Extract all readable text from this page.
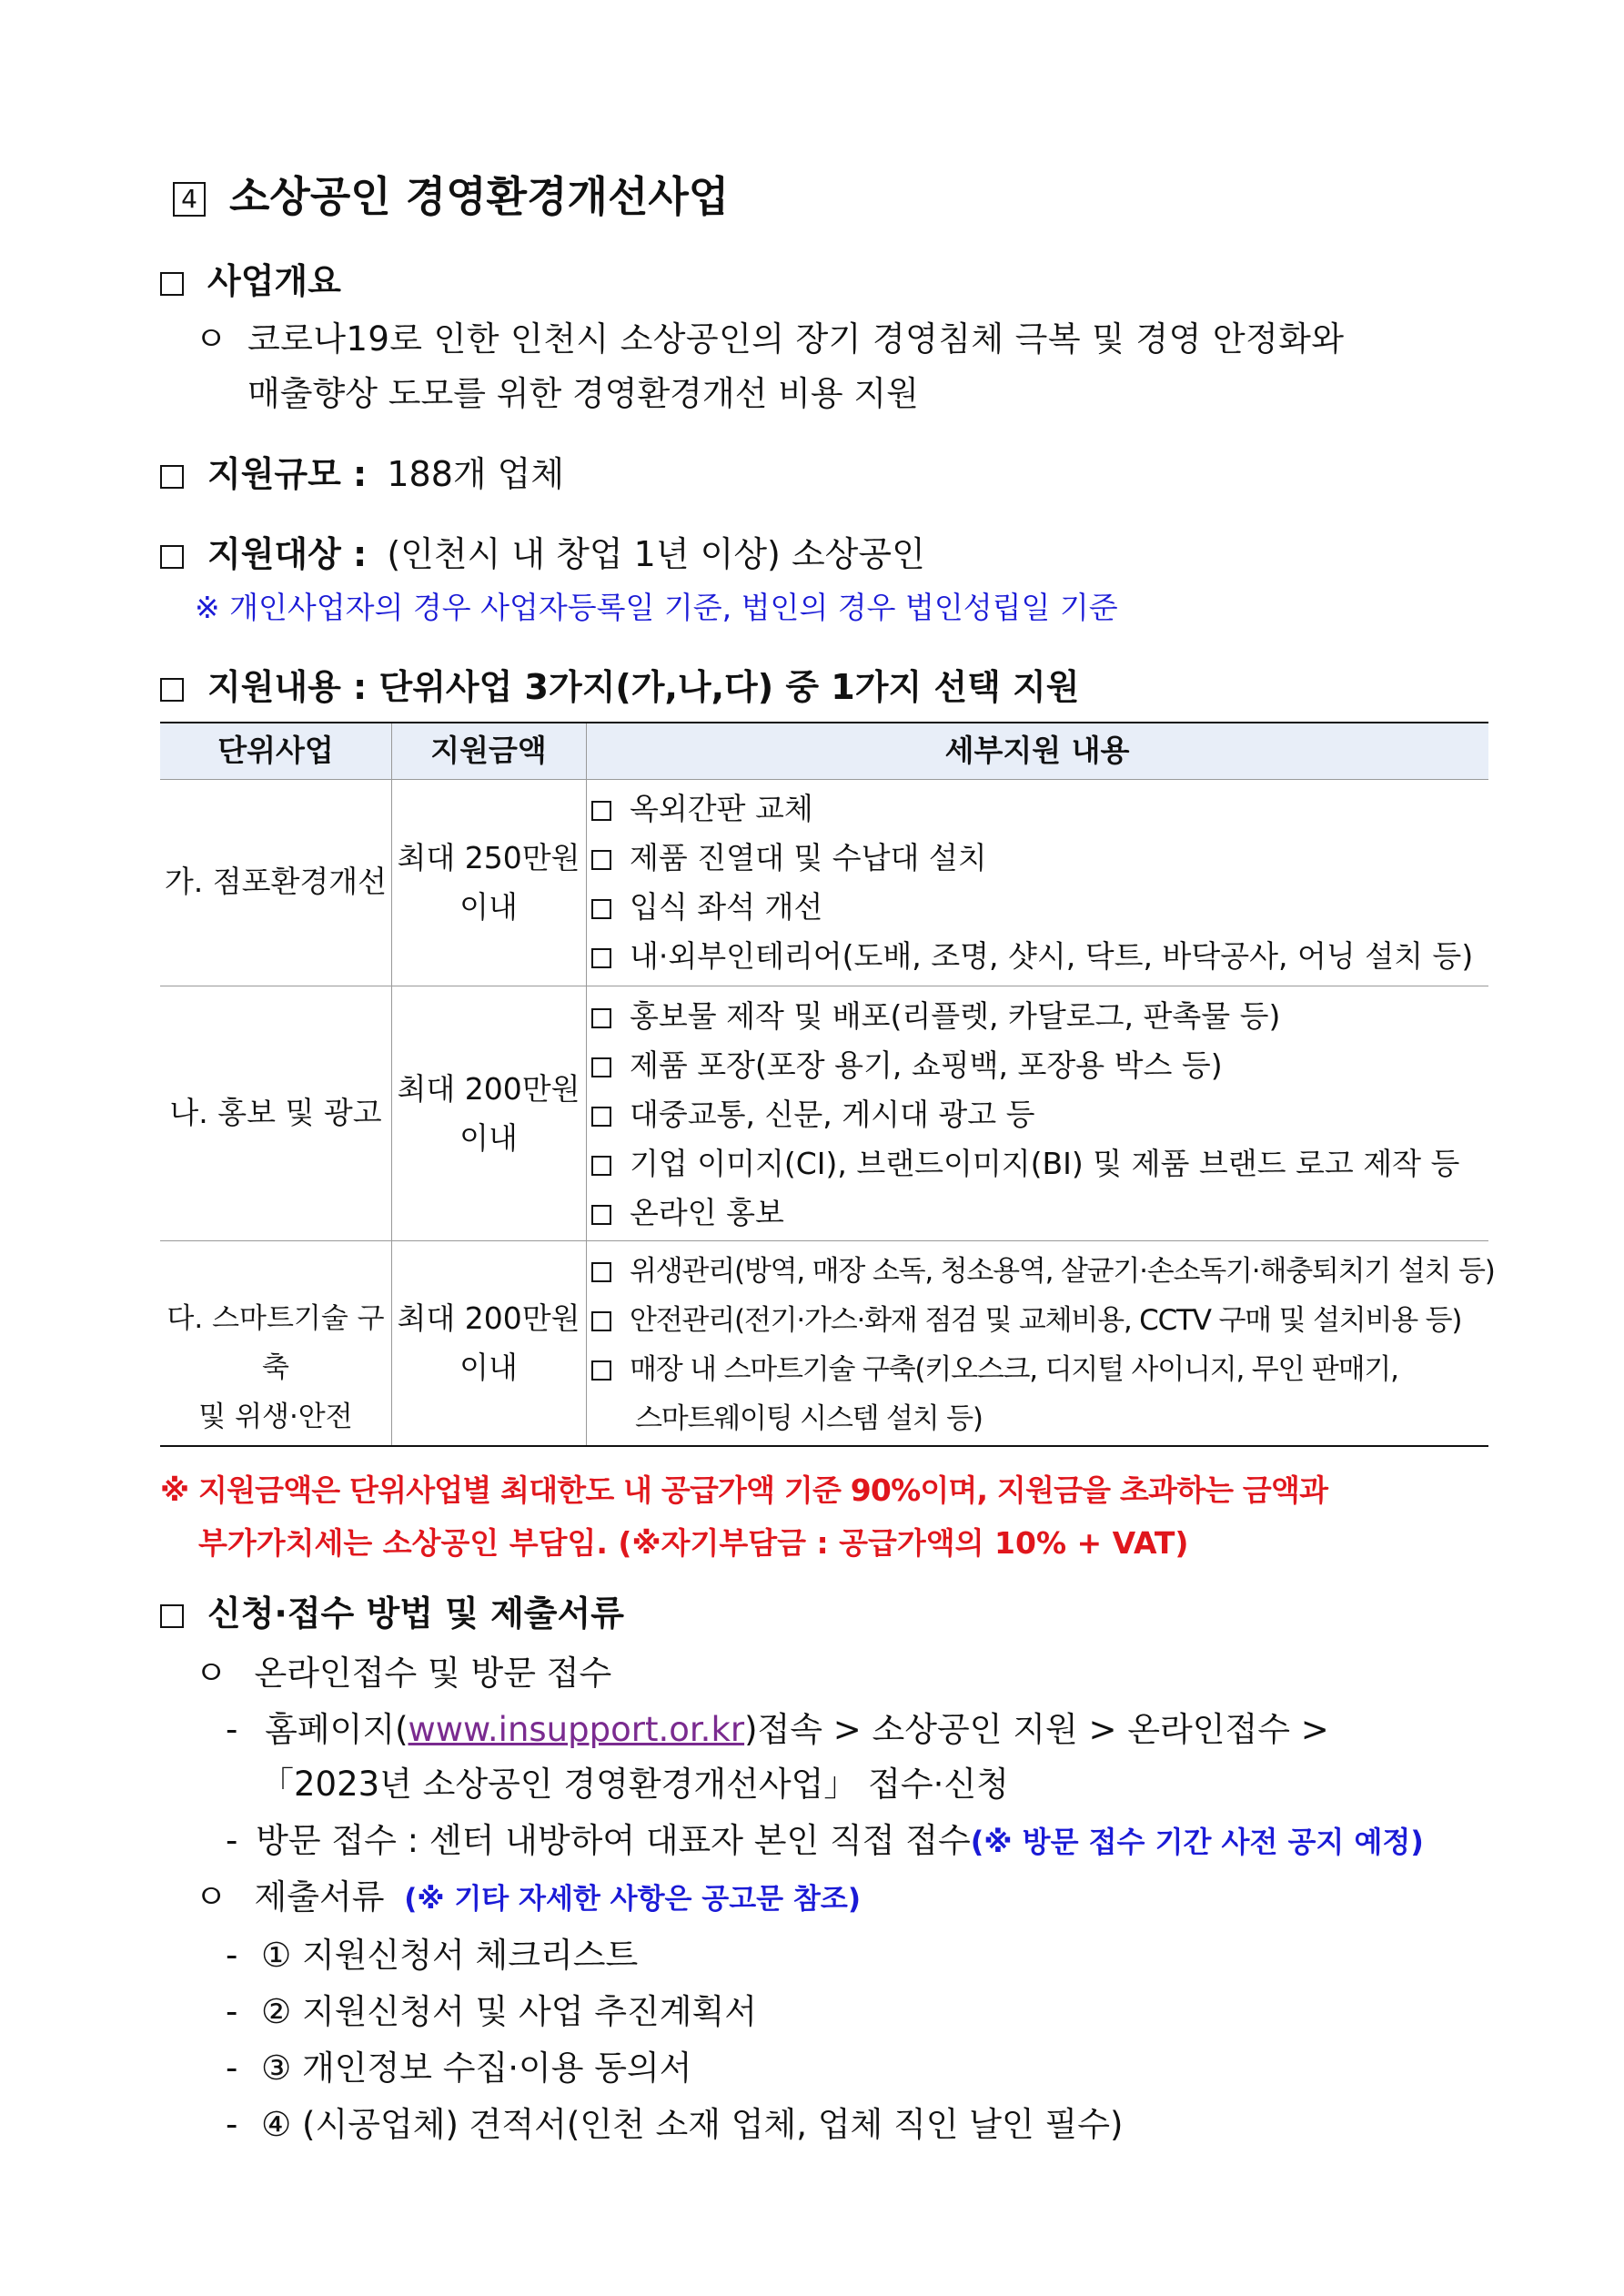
4 소상공인 경영환경개선사업
사업개요
ㅇ 코로나19로 인한 인천시 소상공인의 장기 경영침체 극복 및 경영 안정화와
매출향상 도모를 위한 경영환경개선 비용 지원
지원규모 : 188개 업체
지원대상 : (인천시 내 창업 1년 이상) 소상공인
※ 개인사업자의 경우 사업자등록일 기준, 법인의 경우 법인성립일 기준
지원내용 : 단위사업 3가지(가,나,다) 중 1가지 선택 지원
단위사업	지원금액	세부지원 내용
가. 점포환경개선
최대 250만원
이내
옥외간판 교체
제품 진열대 및 수납대 설치
입식 좌석 개선
내·외부인테리어(도배, 조명, 샷시, 닥트, 바닥공사, 어닝 설치 등)
나. 홍보 및 광고
최대 200만원
이내
홍보물 제작 및 배포(리플렛, 카달로그, 판촉물 등)
제품 포장(포장 용기, 쇼핑백, 포장용 박스 등)
대중교통, 신문, 게시대 광고 등
기업 이미지(CI), 브랜드이미지(BI) 및 제품 브랜드 로고 제작 등
온라인 홍보
다. 스마트기술 구축
및 위생·안전
최대 200만원
이내
위생관리(방역, 매장 소독, 청소용역, 살균기·손소독기·해충퇴치기 설치 등)
안전관리(전기·가스·화재 점검 및 교체비용, CCTV 구매 및 설치비용 등)
매장 내 스마트기술 구축(키오스크, 디지털 사이니지, 무인 판매기,
스마트웨이팅 시스템 설치 등)
※ 지원금액은 단위사업별 최대한도 내 공급가액 기준 90%이며, 지원금을 초과하는 금액과
부가가치세는 소상공인 부담임. (※자기부담금 : 공급가액의 10% + VAT)
신청·접수 방법 및 제출서류
ㅇ 온라인접수 및 방문 접수
- 홈페이지(www.insupport.or.kr)접속 > 소상공인 지원 > 온라인접수 >
「2023년 소상공인 경영환경개선사업」 접수·신청
- 방문 접수 : 센터 내방하여 대표자 본인 직접 접수(※ 방문 접수 기간 사전 공지 예정)
ㅇ 제출서류 (※ 기타 자세한 사항은 공고문 참조)
- ① 지원신청서 체크리스트
- ② 지원신청서 및 사업 추진계획서
- ③ 개인정보 수집·이용 동의서
- ④ (시공업체) 견적서(인천 소재 업체, 업체 직인 날인 필수)
